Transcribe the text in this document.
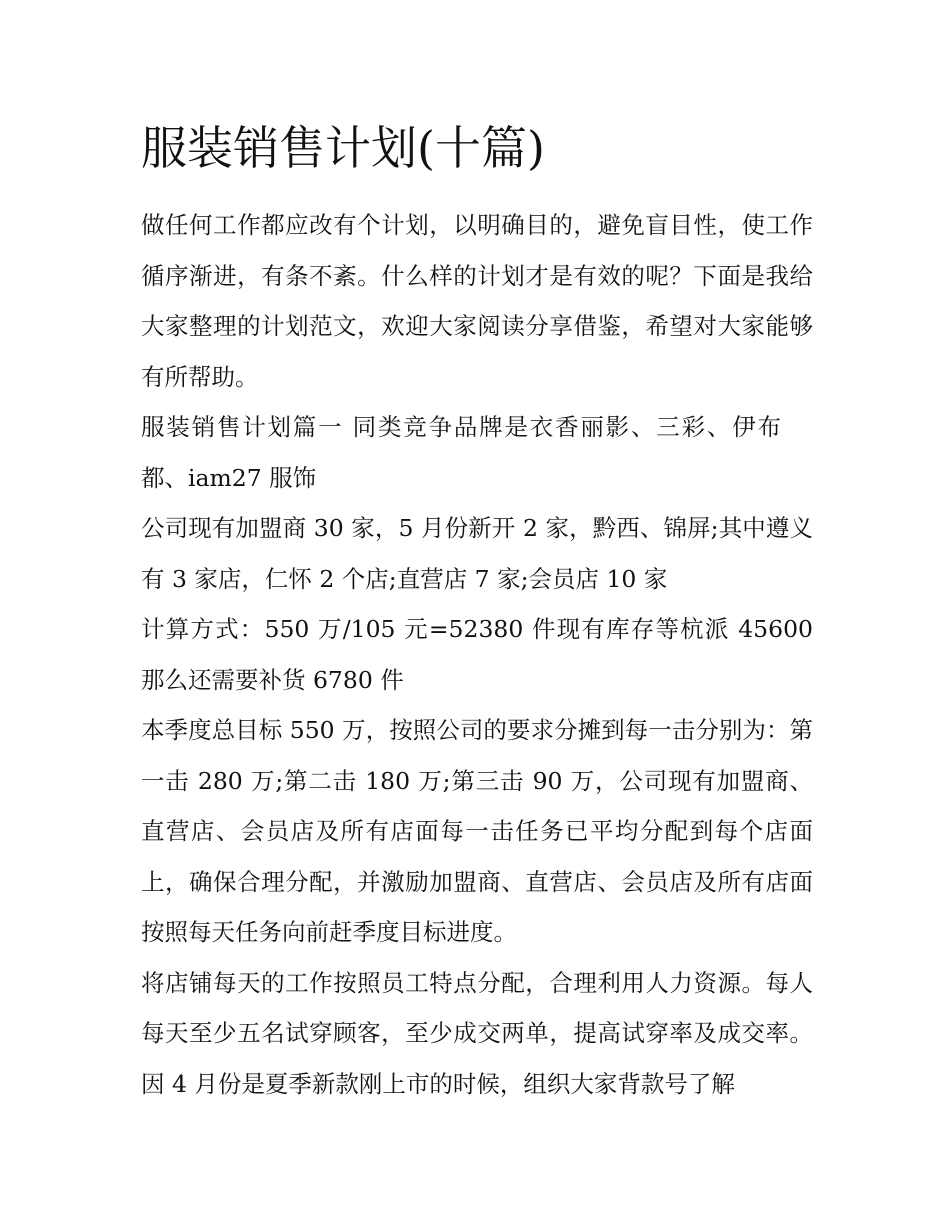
服装销售计划(十篇)

做任何工作都应改有个计划，以明确目的，避免盲目性，使工作循序渐进，有条不紊。什么样的计划才是有效的呢？下面是我给大家整理的计划范文，欢迎大家阅读分享借鉴，希望对大家能够有所帮助。

服装销售计划篇一 同类竞争品牌是衣香丽影、三彩、伊布都、iam27 服饰

公司现有加盟商 30 家，5 月份新开 2 家，黔西、锦屏;其中遵义有 3 家店，仁怀 2 个店;直营店 7 家;会员店 10 家

计算方式：550 万/105 元=52380 件现有库存等杭派 45600 那么还需要补货 6780 件

本季度总目标 550 万，按照公司的要求分摊到每一击分别为：第一击 280 万;第二击 180 万;第三击 90 万，公司现有加盟商、直营店、会员店及所有店面每一击任务已平均分配到每个店面上，确保合理分配，并激励加盟商、直营店、会员店及所有店面按照每天任务向前赶季度目标进度。

将店铺每天的工作按照员工特点分配，合理利用人力资源。每人每天至少五名试穿顾客，至少成交两单，提高试穿率及成交率。因 4 月份是夏季新款刚上市的时候，组织大家背款号了解
